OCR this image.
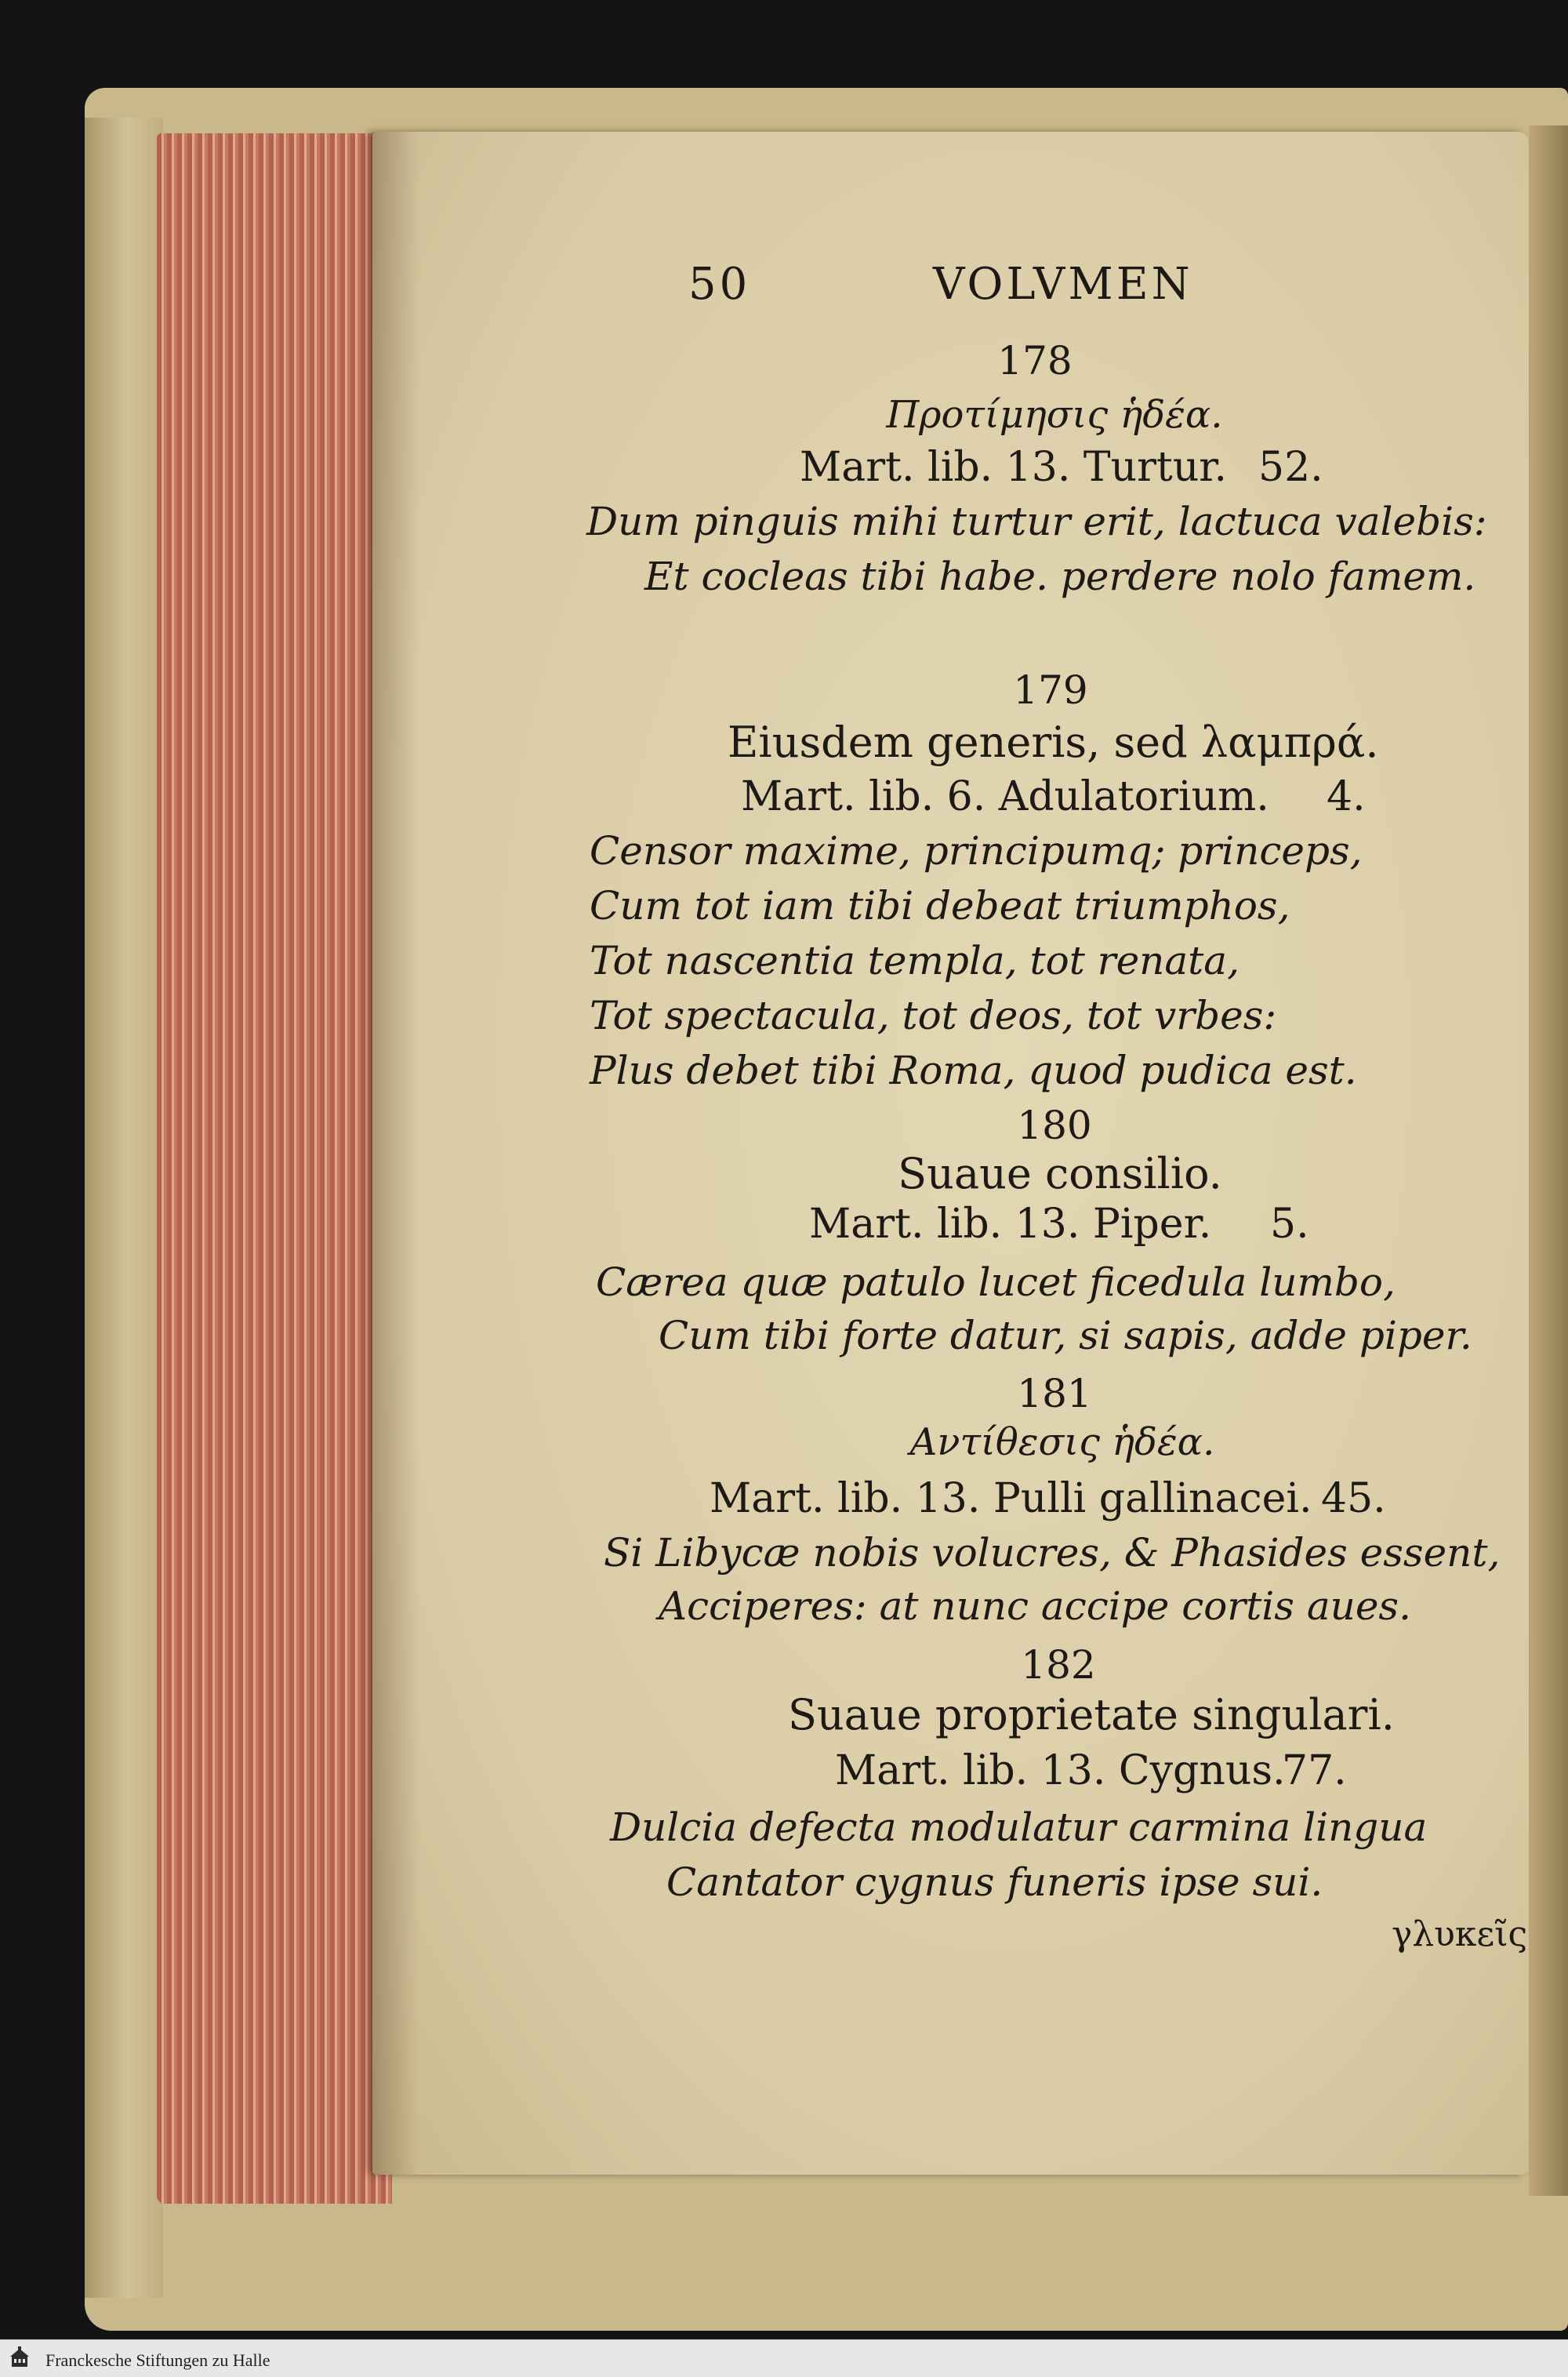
50	VOLVMEN
178
Προτίμησις ἡδέα.
Mart. lib. 13. Turtur. 52.
Dum pinguis mihi turtur erit, lactuca valebis:
Et cocleas tibi habe. perdere nolo famem.
179
Eiusdem generis, sed λαμπρά.
Mart. lib. 6. Adulatorium. 4.
Censor maxime, principumq; princeps,
Cum tot iam tibi debeat triumphos,
Tot nascentia templa, tot renata,
Tot spectacula, tot deos, tot vrbes:
Plus debet tibi Roma, quod pudica est.
180
Suaue consilio.
Mart. lib. 13. Piper. 5.
Cærea quæ patulo lucet ficedula lumbo,
Cum tibi forte datur, si sapis, adde piper.
181
Αντίθεσις ἡδέα.
Mart. lib. 13. Pulli gallinacei. 45.
Si Libycæ nobis volucres, & Phasides essent,
Acciperes: at nunc accipe cortis aues.
182
Suaue proprietate singulari.
Mart. lib. 13. Cygnus.
77.
Dulcia defecta modulatur carmina lingua
Cantator cygnus funeris ipse sui.
γλυκεῖς
Franckesche Stiftungen zu Halle
